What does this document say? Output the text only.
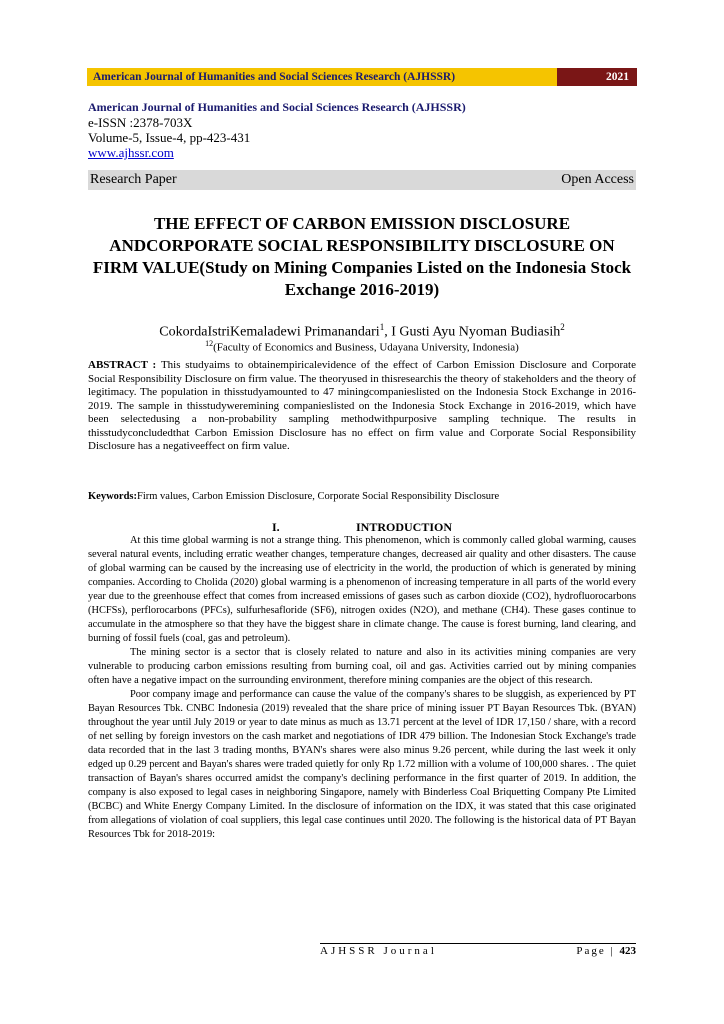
American Journal of Humanities and Social Sciences Research (AJHSSR)	2021
American Journal of Humanities and Social Sciences Research (AJHSSR)
e-ISSN :2378-703X
Volume-5, Issue-4, pp-423-431
www.ajhssr.com
Research Paper	Open Access
THE EFFECT OF CARBON EMISSION DISCLOSURE ANDCORPORATE SOCIAL RESPONSIBILITY DISCLOSURE ON FIRM VALUE(Study on Mining Companies Listed on the Indonesia Stock Exchange 2016-2019)
CokordaIstriKemaladewi Primanandari$^1$, I Gusti Ayu Nyoman Budiasih$^2$
$^{12}$(Faculty of Economics and Business, Udayana University, Indonesia)
ABSTRACT : This studyaims to obtainempiricalevidence of the effect of Carbon Emission Disclosure and Corporate Social Responsibility Disclosure on firm value. The theoryused in thisresearchis the theory of stakeholders and the theory of legitimacy. The population in thisstudyamounted to 47 miningcompanieslisted on the Indonesia Stock Exchange in 2016-2019. The sample in thisstudyweremining companieslisted on the Indonesia Stock Exchange in 2016-2019, which have been selectedusing a non-probability sampling methodwithpurposive sampling technique. The results in thisstudyconcludedthat Carbon Emission Disclosure has no effect on firm value and Corporate Social Responsibility Disclosure has a negativeeffect on firm value.
Keywords:Firm values, Carbon Emission Disclosure, Corporate Social Responsibility Disclosure
I.	INTRODUCTION

At this time global warming is not a strange thing. This phenomenon, which is commonly called global warming, causes several natural events, including erratic weather changes, temperature changes, decreased air quality and other disasters. The cause of global warming can be caused by the increasing use of electricity in the world, the production of which is generated by mining companies. According to Cholida (2020) global warming is a phenomenon of increasing temperature in all parts of the world every year due to the greenhouse effect that comes from increased emissions of gases such as carbon dioxide (CO2), hydrofluorocarbons (HCFSs), perflorocarbons (PFCs), sulfurhesafloride (SF6), nitrogen oxides (N2O), and methane (CH4). These gases continue to accumulate in the atmosphere so that they have the biggest share in climate change. The cause is forest burning, land clearing, and burning of fossil fuels (coal, gas and petroleum).

The mining sector is a sector that is closely related to nature and also in its activities mining companies are very vulnerable to producing carbon emissions resulting from burning coal, oil and gas. Activities carried out by mining companies often have a negative impact on the surrounding environment, therefore mining companies are the object of this research.

Poor company image and performance can cause the value of the company's shares to be sluggish, as experienced by PT Bayan Resources Tbk. CNBC Indonesia (2019) revealed that the share price of mining issuer PT Bayan Resources Tbk. (BYAN) throughout the year until July 2019 or year to date minus as much as 13.71 percent at the level of IDR 17,150 / share, with a record of net selling by foreign investors on the cash market and negotiations of IDR 479 billion. The Indonesian Stock Exchange's trade data recorded that in the last 3 trading months, BYAN's shares were also minus 9.26 percent, while during the last week it only edged up 0.29 percent and Bayan's shares were traded quietly for only Rp 1.72 million with a volume of 100,000 shares. . The quiet transaction of Bayan's shares occurred amidst the company's declining performance in the first quarter of 2019. In addition, the company is also exposed to legal cases in neighboring Singapore, namely with Binderless Coal Briquetting Company Pte Limited (BCBC) and White Energy Company Limited. In the disclosure of information on the IDX, it was stated that this case originated from allegations of violation of coal suppliers, this legal case continues until 2020. The following is the historical data of PT Bayan Resources Tbk for 2018-2019:

AJHSSR Journal	Page | 423
